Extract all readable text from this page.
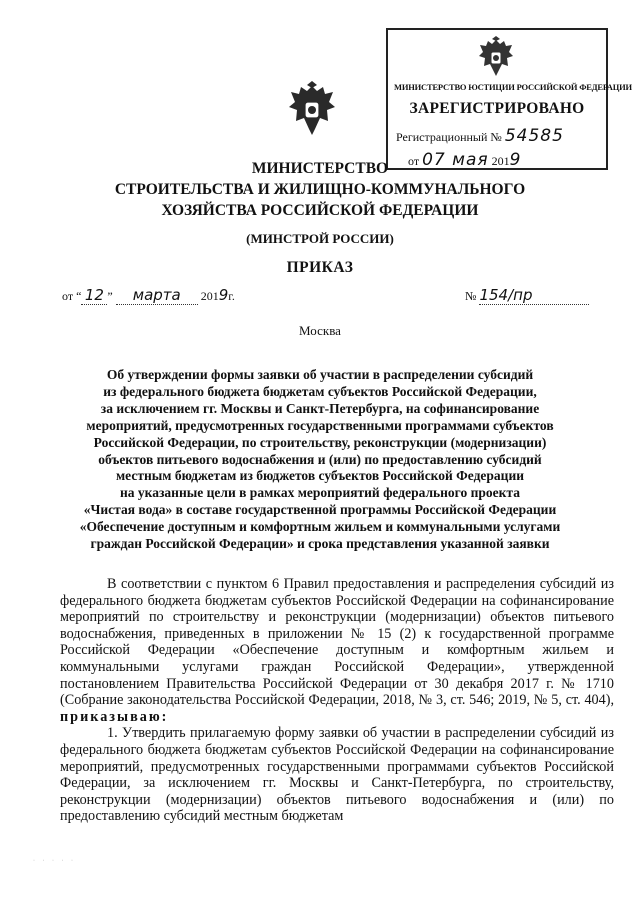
МИНИСТЕРСТВО ЮСТИЦИИ РОССИЙСКОЙ ФЕДЕРАЦИИ
ЗАРЕГИСТРИРОВАНО
Регистрационный № 54585
от 07 мая 2019
МИНИСТЕРСТВО
СТРОИТЕЛЬСТВА И ЖИЛИЩНО-КОММУНАЛЬНОГО
ХОЗЯЙСТВА РОССИЙСКОЙ ФЕДЕРАЦИИ
(МИНСТРОЙ РОССИИ)
ПРИКАЗ
от “ 12 ” марта 2019г.	№ 154/пр
Москва
Об утверждении формы заявки об участии в распределении субсидий
из федерального бюджета бюджетам субъектов Российской Федерации,
за исключением гг. Москвы и Санкт-Петербурга, на софинансирование
мероприятий, предусмотренных государственными программами субъектов
Российской Федерации, по строительству, реконструкции (модернизации)
объектов питьевого водоснабжения и (или) по предоставлению субсидий
местным бюджетам из бюджетов субъектов Российской Федерации
на указанные цели в рамках мероприятий федерального проекта
«Чистая вода» в составе государственной программы Российской Федерации
«Обеспечение доступным и комфортным жильем и коммунальными услугами
граждан Российской Федерации» и срока представления указанной заявки

В соответствии с пунктом 6 Правил предоставления и распределения субсидий из федерального бюджета бюджетам субъектов Российской Федерации на софинансирование мероприятий по строительству и реконструкции (модернизации) объектов питьевого водоснабжения, приведенных в приложении № 15 (2) к государственной программе Российской Федерации «Обеспечение доступным и комфортным жильем и коммунальными услугами граждан Российской Федерации», утвержденной постановлением Правительства Российской Федерации от 30 декабря 2017 г. № 1710 (Собрание законодательства Российской Федерации, 2018, № 3, ст. 546; 2019, № 5, ст. 404), приказываю:

1. Утвердить прилагаемую форму заявки об участии в распределении субсидий из федерального бюджета бюджетам субъектов Российской Федерации на софинансирование мероприятий, предусмотренных государственными программами субъектов Российской Федерации, за исключением гг. Москвы и Санкт-Петербурга, по строительству, реконструкции (модернизации) объектов питьевого водоснабжения и (или) по предоставлению субсидий местным бюджетам

· · · · ·
